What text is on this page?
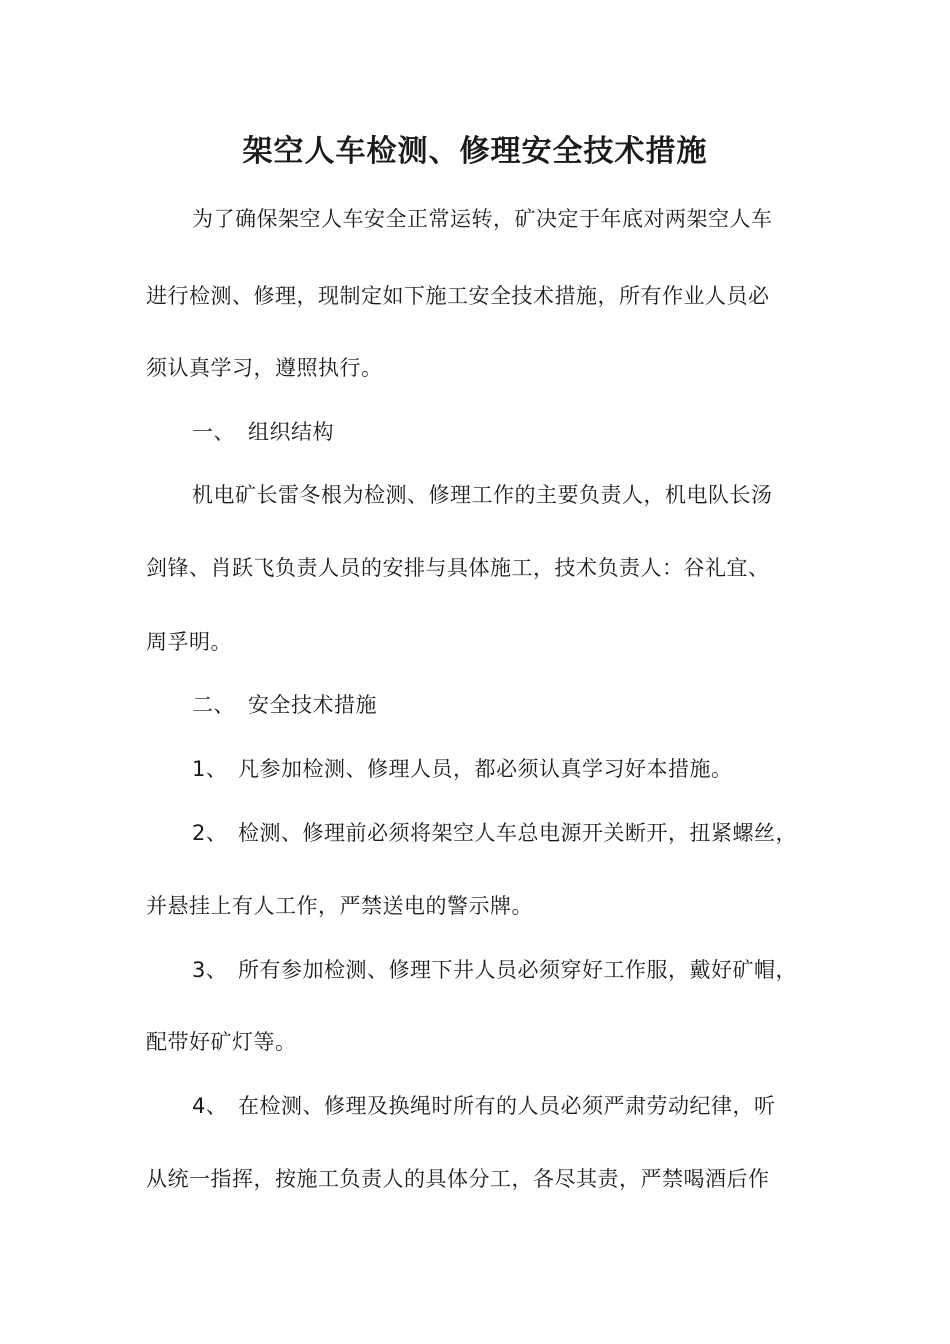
架空人车检测、修理安全技术措施
为了确保架空人车安全正常运转，矿决定于年底对两架空人车
进行检测、修理，现制定如下施工安全技术措施，所有作业人员必
须认真学习，遵照执行。
一、 组织结构
机电矿长雷冬根为检测、修理工作的主要负责人，机电队长汤
剑锋、肖跃飞负责人员的安排与具体施工，技术负责人：谷礼宜、
周孚明。
二、 安全技术措施
1、 凡参加检测、修理人员，都必须认真学习好本措施。
2、 检测、修理前必须将架空人车总电源开关断开，扭紧螺丝，
并悬挂上有人工作，严禁送电的警示牌。
3、 所有参加检测、修理下井人员必须穿好工作服，戴好矿帽，
配带好矿灯等。
4、 在检测、修理及换绳时所有的人员必须严肃劳动纪律，听
从统一指挥，按施工负责人的具体分工，各尽其责，严禁喝酒后作
